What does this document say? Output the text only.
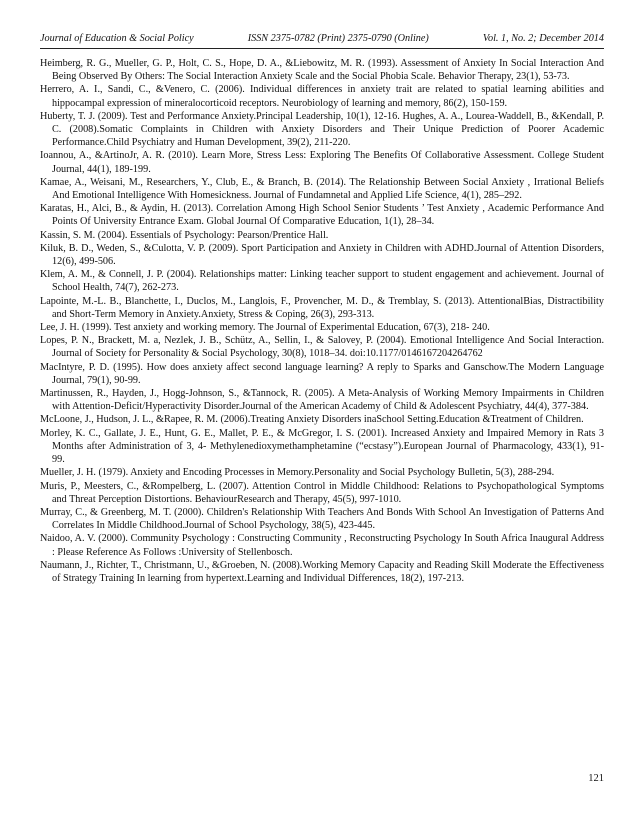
Journal of Education & Social Policy	ISSN 2375-0782 (Print) 2375-0790 (Online)	Vol. 1, No. 2; December 2014
Heimberg, R. G., Mueller, G. P., Holt, C. S., Hope, D. A., &Liebowitz, M. R. (1993). Assessment of Anxiety In Social Interaction And Being Observed By Others: The Social Interaction Anxiety Scale and the Social Phobia Scale. Behavior Therapy, 23(1), 53-73.
Herrero, A. I., Sandi, C., &Venero, C. (2006). Individual differences in anxiety trait are related to spatial learning abilities and hippocampal expression of mineralocorticoid receptors. Neurobiology of learning and memory, 86(2), 150-159.
Huberty, T. J. (2009). Test and Performance Anxiety.Principal Leadership, 10(1), 12-16. Hughes, A. A., Lourea-Waddell, B., &Kendall, P. C. (2008).Somatic Complaints in Children with Anxiety Disorders and Their Unique Prediction of Poorer Academic Performance.Child Psychiatry and Human Development, 39(2), 211-220.
Ioannou, A., &ArtinoJr, A. R. (2010). Learn More, Stress Less: Exploring The Benefits Of Collaborative Assessment. College Student Journal, 44(1), 189-199.
Kamae, A., Weisani, M., Researchers, Y., Club, E., & Branch, B. (2014). The Relationship Between Social Anxiety , Irrational Beliefs And Emotional Intelligence With Homesickness. Journal of Fundamnetal and Applied Life Science, 4(1), 285–292.
Karatas, H., Alci, B., & Aydin, H. (2013). Correlation Among High School Senior Students ’ Test Anxiety , Academic Performance And Points Of University Entrance Exam. Global Journal Of Comparative Education, 1(1), 28–34.
Kassin, S. M. (2004). Essentials of Psychology: Pearson/Prentice Hall.
Kiluk, B. D., Weden, S., &Culotta, V. P. (2009). Sport Participation and Anxiety in Children with ADHD.Journal of Attention Disorders, 12(6), 499-506.
Klem, A. M., & Connell, J. P. (2004). Relationships matter: Linking teacher support to student engagement and achievement. Journal of School Health, 74(7), 262-273.
Lapointe, M.-L. B., Blanchette, I., Duclos, M., Langlois, F., Provencher, M. D., & Tremblay, S. (2013). AttentionalBias, Distractibility and Short-Term Memory in Anxiety.Anxiety, Stress & Coping, 26(3), 293-313.
Lee, J. H. (1999). Test anxiety and working memory. The Journal of Experimental Education, 67(3), 218- 240.
Lopes, P. N., Brackett, M. a, Nezlek, J. B., Schütz, A., Sellin, I., & Salovey, P. (2004). Emotional Intelligence And Social Interaction. Journal of Society for Personality & Social Psychology, 30(8), 1018–34. doi:10.1177/0146167204264762
MacIntyre, P. D. (1995). How does anxiety affect second language learning? A reply to Sparks and Ganschow.The Modern Language Journal, 79(1), 90-99.
Martinussen, R., Hayden, J., Hogg-Johnson, S., &Tannock, R. (2005). A Meta-Analysis of Working Memory Impairments in Children with Attention-Deficit/Hyperactivity Disorder.Journal of the American Academy of Child & Adolescent Psychiatry, 44(4), 377-384.
McLoone, J., Hudson, J. L., &Rapee, R. M. (2006).Treating Anxiety Disorders inaSchool Setting.Education &Treatment of Children.
Morley, K. C., Gallate, J. E., Hunt, G. E., Mallet, P. E., & McGregor, I. S. (2001). Increased Anxiety and Impaired Memory in Rats 3 Months after Administration of 3, 4- Methylenedioxymethamphetamine (“ecstasy”).European Journal of Pharmacology, 433(1), 91- 99.
Mueller, J. H. (1979). Anxiety and Encoding Processes in Memory.Personality and Social Psychology Bulletin, 5(3), 288-294.
Muris, P., Meesters, C., &Rompelberg, L. (2007). Attention Control in Middle Childhood: Relations to Psychopathological Symptoms and Threat Perception Distortions. BehaviourResearch and Therapy, 45(5), 997-1010.
Murray, C., & Greenberg, M. T. (2000). Children's Relationship With Teachers And Bonds With School An Investigation of Patterns And Correlates In Middle Childhood.Journal of School Psychology, 38(5), 423-445.
Naidoo, A. V. (2000). Community Psychology : Constructing Community , Reconstructing Psychology In South Africa Inaugural Address : Please Reference As Follows :University of Stellenbosch.
Naumann, J., Richter, T., Christmann, U., &Groeben, N. (2008).Working Memory Capacity and Reading Skill Moderate the Effectiveness of Strategy Training In learning from hypertext.Learning and Individual Differences, 18(2), 197-213.
121
